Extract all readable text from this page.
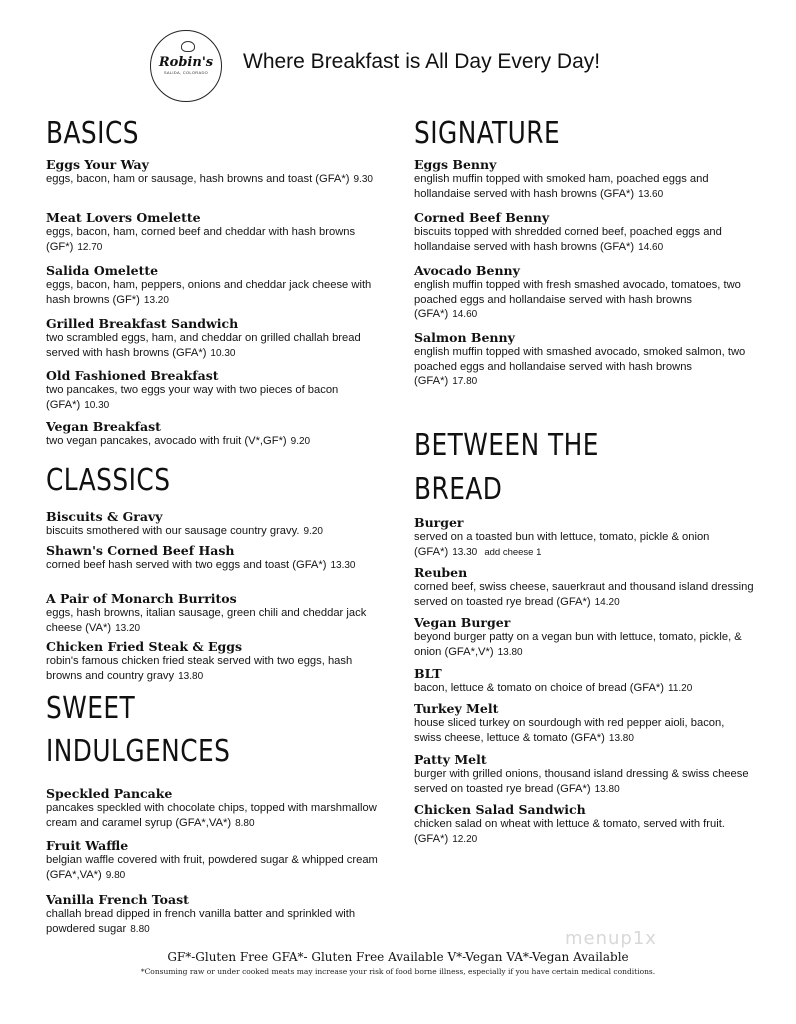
Robin's
SALIDA, COLORADO	Where Breakfast is All Day Every Day!
BASICS
Eggs Your Way
eggs, bacon, ham or sausage, hash browns and toast (GFA*) 9.30
Meat Lovers Omelette
eggs, bacon, ham, corned beef and cheddar with hash browns (GF*) 12.70
Salida Omelette
eggs, bacon, ham, peppers, onions and cheddar jack cheese with hash browns (GF*) 13.20
Grilled Breakfast Sandwich
two scrambled eggs, ham, and cheddar on grilled challah bread served with hash browns (GFA*) 10.30
Old Fashioned Breakfast
two pancakes, two eggs your way with two pieces of bacon (GFA*) 10.30
Vegan Breakfast
two vegan pancakes, avocado with fruit (V*,GF*) 9.20
CLASSICS
Biscuits & Gravy
biscuits smothered with our sausage country gravy. 9.20
Shawn's Corned Beef Hash
corned beef hash served with two eggs and toast (GFA*) 13.30
A Pair of Monarch Burritos
eggs, hash browns, italian sausage, green chili and cheddar jack cheese (VA*) 13.20
Chicken Fried Steak & Eggs
robin's famous chicken fried steak served with two eggs, hash browns and country gravy 13.80
SWEET
INDULGENCES
Speckled Pancake
pancakes speckled with chocolate chips, topped with marshmallow cream and caramel syrup (GFA*,VA*) 8.80
Fruit Waffle
belgian waffle covered with fruit, powdered sugar & whipped cream (GFA*,VA*) 9.80
Vanilla French Toast
challah bread dipped in french vanilla batter and sprinkled with powdered sugar 8.80
SIGNATURE
Eggs Benny
english muffin topped with smoked ham, poached eggs and hollandaise served with hash browns (GFA*) 13.60
Corned Beef Benny
biscuits topped with shredded corned beef, poached eggs and hollandaise served with hash browns (GFA*) 14.60
Avocado Benny
english muffin topped with fresh smashed avocado, tomatoes, two poached eggs and hollandaise served with hash browns (GFA*) 14.60
Salmon Benny
english muffin topped with smashed avocado, smoked salmon, two poached eggs and hollandaise served with hash browns (GFA*) 17.80
BETWEEN THE
BREAD
Burger
served on a toasted bun with lettuce, tomato, pickle & onion (GFA*) 13.30 add cheese 1
Reuben
corned beef, swiss cheese, sauerkraut and thousand island dressing served on toasted rye bread (GFA*) 14.20
Vegan Burger
beyond burger patty on a vegan bun with lettuce, tomato, pickle, & onion (GFA*,V*) 13.80
BLT
bacon, lettuce & tomato on choice of bread (GFA*) 11.20
Turkey Melt
house sliced turkey on sourdough with red pepper aioli, bacon, swiss cheese, lettuce & tomato (GFA*) 13.80
Patty Melt
burger with grilled onions, thousand island dressing & swiss cheese served on toasted rye bread (GFA*) 13.80
Chicken Salad Sandwich
chicken salad on wheat with lettuce & tomato, served with fruit. (GFA*) 12.20
menup1x
GF*-Gluten Free GFA*- Gluten Free Available V*-Vegan VA*-Vegan Available
*Consuming raw or under cooked meats may increase your risk of food borne illness, especially if you have certain medical conditions.
